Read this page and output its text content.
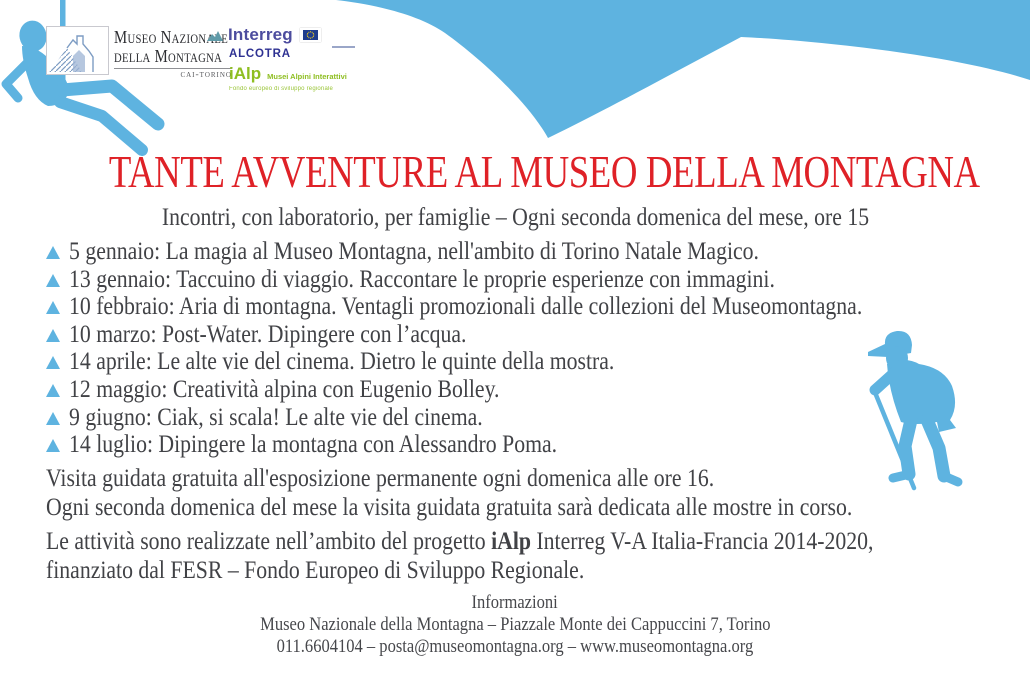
Museo Nazionale
della Montagna
cai-torino
Interreg
ALCOTRA
iAlp Musei Alpini Interattivi
Fondo europeo di sviluppo regionale
TANTE AVVENTURE AL MUSEO DELLA MONTAGNA
Incontri, con laboratorio, per famiglie – Ogni seconda domenica del mese, ore 15
5 gennaio: La magia al Museo Montagna, nell'ambito di Torino Natale Magico.
13 gennaio: Taccuino di viaggio. Raccontare le proprie esperienze con immagini.
10 febbraio: Aria di montagna. Ventagli promozionali dalle collezioni del Museomontagna.
10 marzo: Post-Water. Dipingere con l’acqua.
14 aprile: Le alte vie del cinema. Dietro le quinte della mostra.
12 maggio: Creatività alpina con Eugenio Bolley.
9 giugno: Ciak, si scala! Le alte vie del cinema.
14 luglio: Dipingere la montagna con Alessandro Poma.
Visita guidata gratuita all'esposizione permanente ogni domenica alle ore 16.
Ogni seconda domenica del mese la visita guidata gratuita sarà dedicata alle mostre in corso.
Le attività sono realizzate nell’ambito del progetto iAlp Interreg V-A Italia-Francia 2014-2020,
finanziato dal FESR – Fondo Europeo di Sviluppo Regionale.
Informazioni
Museo Nazionale della Montagna – Piazzale Monte dei Cappuccini 7, Torino
011.6604104 – posta@museomontagna.org – www.museomontagna.org
